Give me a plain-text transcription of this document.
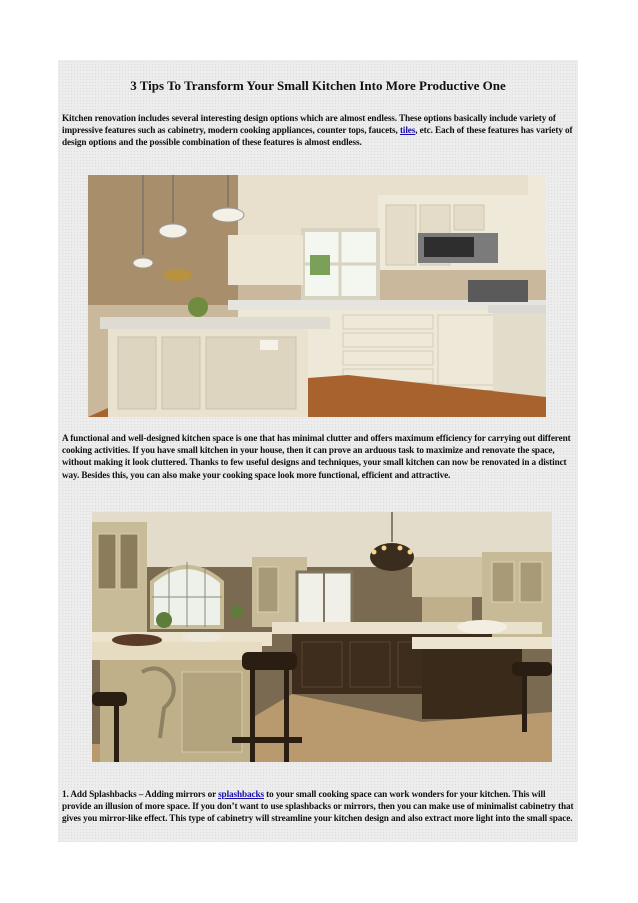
3 Tips To Transform Your Small Kitchen Into More Productive One

Kitchen renovation includes several interesting design options which are almost endless. These options basically include variety of impressive features such as cabinetry, modern cooking appliances, counter tops, faucets, tiles, etc. Each of these features has variety of design options and the possible combination of these features is almost endless.

A functional and well-designed kitchen space is one that has minimal clutter and offers maximum efficiency for carrying out different cooking activities. If you have small kitchen in your house, then it can prove an arduous task to maximize and renovate the space, without making it look cluttered. Thanks to few useful designs and techniques, your small kitchen can now be renovated in a distinct way. Besides this, you can also make your cooking space look more functional, efficient and attractive.

1. Add Splashbacks – Adding mirrors or splashbacks to your small cooking space can work wonders for your kitchen. This will provide an illusion of more space. If you don’t want to use splashbacks or mirrors, then you can make use of minimalist cabinetry that gives you mirror-like effect. This type of cabinetry will streamline your kitchen design and also extract more light into the small space.
